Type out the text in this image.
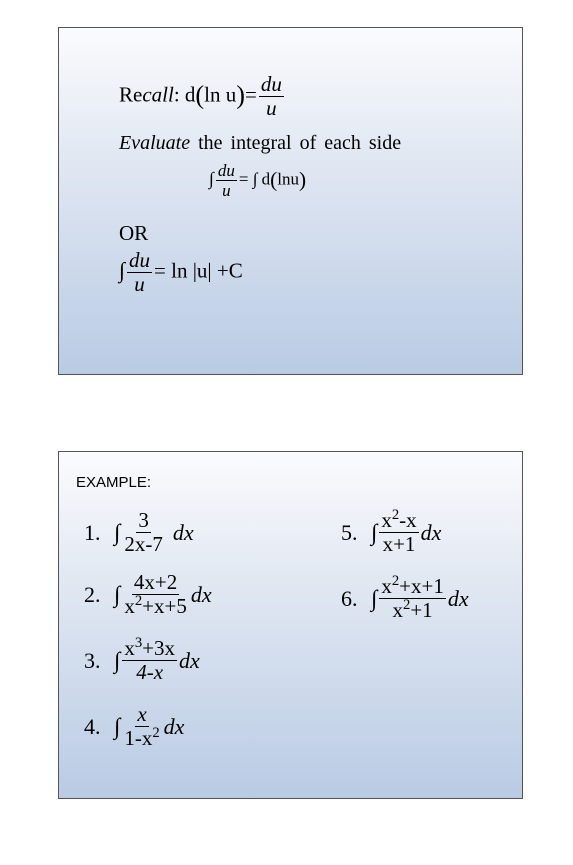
Recall: d(ln $u)= \frac{du}{u}$
Evaluate the integral of each side
∫ $\frac{du}{u}$ = ∫ d(lnu)
OR
∫ $\frac{du}{u} = \ln |u| +C$
EXAMPLE:
1. ∫ $\frac{3}{2x-7}$ dx
2. ∫ $\frac{4x+2}{x^2+x+5}$ dx
3. ∫ $\frac{x^3+3x}{4-x}$ dx
4. ∫ $\frac{x}{1-x^2}$ dx
5. ∫ $\frac{x^2-x}{x+1}$ dx
6. ∫ $\frac{x^2+x+1}{x^2+1}$ dx
